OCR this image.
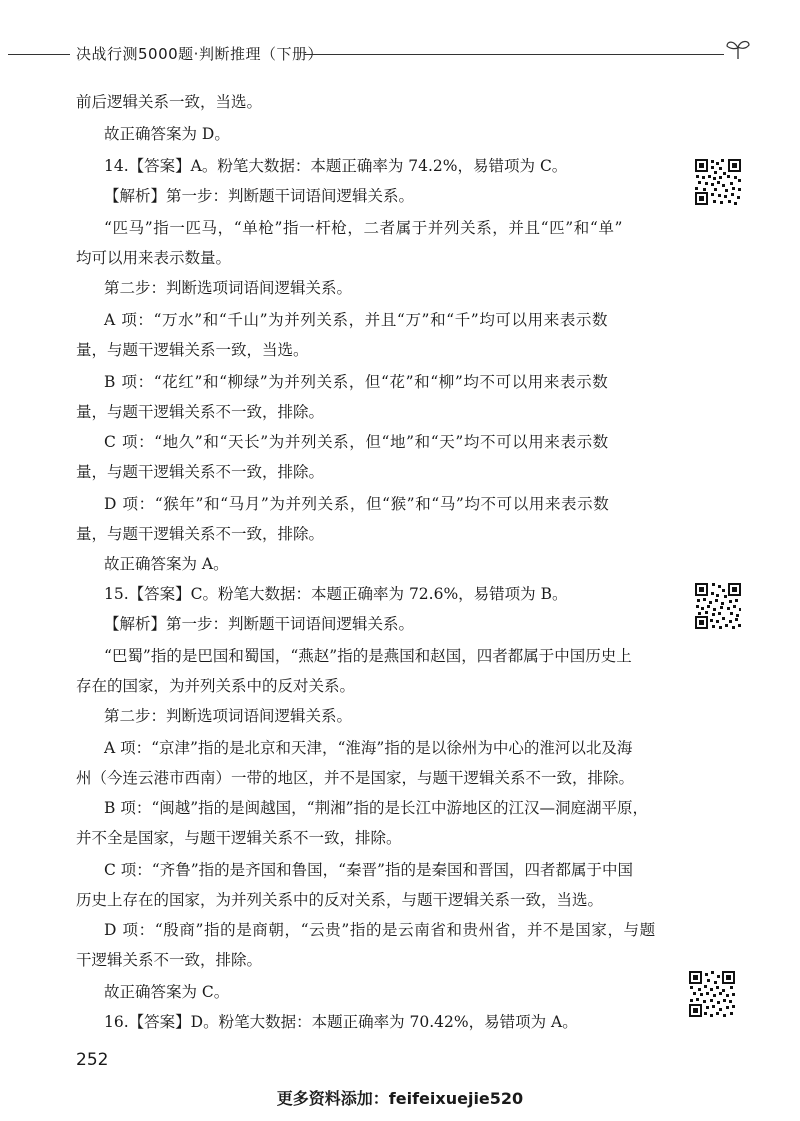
决战行测5000题·判断推理（下册）
前后逻辑关系一致，当选。
故正确答案为 D。
14.【答案】A。粉笔大数据：本题正确率为 74.2%，易错项为 C。
【解析】第一步：判断题干词语间逻辑关系。
“匹马”指一匹马，“单枪”指一杆枪，二者属于并列关系，并且“匹”和“单”
均可以用来表示数量。
第二步：判断选项词语间逻辑关系。
A 项：“万水”和“千山”为并列关系，并且“万”和“千”均可以用来表示数
量，与题干逻辑关系一致，当选。
B 项：“花红”和“柳绿”为并列关系，但“花”和“柳”均不可以用来表示数
量，与题干逻辑关系不一致，排除。
C 项：“地久”和“天长”为并列关系，但“地”和“天”均不可以用来表示数
量，与题干逻辑关系不一致，排除。
D 项：“猴年”和“马月”为并列关系，但“猴”和“马”均不可以用来表示数
量，与题干逻辑关系不一致，排除。
故正确答案为 A。
15.【答案】C。粉笔大数据：本题正确率为 72.6%，易错项为 B。
【解析】第一步：判断题干词语间逻辑关系。
“巴蜀”指的是巴国和蜀国，“燕赵”指的是燕国和赵国，四者都属于中国历史上
存在的国家，为并列关系中的反对关系。
第二步：判断选项词语间逻辑关系。
A 项：“京津”指的是北京和天津，“淮海”指的是以徐州为中心的淮河以北及海
州（今连云港市西南）一带的地区，并不是国家，与题干逻辑关系不一致，排除。
B 项：“闽越”指的是闽越国，“荆湘”指的是长江中游地区的江汉—洞庭湖平原，
并不全是国家，与题干逻辑关系不一致，排除。
C 项：“齐鲁”指的是齐国和鲁国，“秦晋”指的是秦国和晋国，四者都属于中国
历史上存在的国家，为并列关系中的反对关系，与题干逻辑关系一致，当选。
D 项：“殷商”指的是商朝，“云贵”指的是云南省和贵州省，并不是国家，与题
干逻辑关系不一致，排除。
故正确答案为 C。
16.【答案】D。粉笔大数据：本题正确率为 70.42%，易错项为 A。
252
更多资料添加：feifeixuejie520
